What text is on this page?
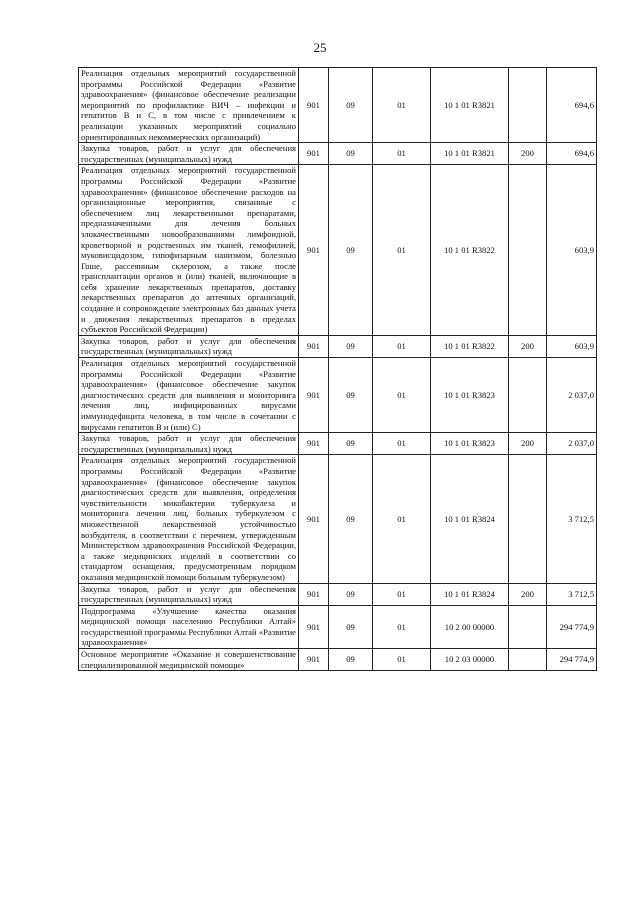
25
Реализация отдельных мероприятий государственной программы Российской Федерации «Развитие здравоохранения» (финансовое обеспечение реализации мероприятий по профилактике ВИЧ – инфекции и гепатитов В и С, в том числе с привлечением к реализации указанных мероприятий социально ориентированных некоммерческих организаций)	901	09	01	10 1 01 R3821		694,6
Закупка товаров, работ и услуг для обеспечения государственных (муниципальных) нужд	901	09	01	10 1 01 R3821	200	694,6
Реализация отдельных мероприятий государственной программы Российской Федерации «Развитие здравоохранения» (финансовое обеспечение расходов на организационные мероприятия, связанные с обеспечением лиц лекарственными препаратами, предназначенными для лечения больных злокачественными новообразованиями лимфоидной, кроветворной и родственных им тканей, гемофилией, муковисцидозом, гипофизарным нанизмом, болезнью Гоше, рассеянным склерозом, а также после трансплантации органов и (или) тканей, включающие в себя хранение лекарственных препаратов, доставку лекарственных препаратов до аптечных организаций, создание и сопровождение электронных баз данных учета и движения лекарственных препаратов в пределах субъектов Российской Федерации)	901	09	01	10 1 01 R3822		603,9
Закупка товаров, работ и услуг для обеспечения государственных (муниципальных) нужд	901	09	01	10 1 01 R3822	200	603,9
Реализация отдельных мероприятий государственной программы Российской Федерации «Развитие здравоохранения» (финансовое обеспечение закупок диагностических средств для выявления и мониторинга лечения лиц, инфицированных вирусами иммунодефицита человека, в том числе в сочетании с вирусами гепатитов В и (или) С)	901	09	01	10 1 01 R3823		2 037,0
Закупка товаров, работ и услуг для обеспечения государственных (муниципальных) нужд	901	09	01	10 1 01 R3823	200	2 037,0
Реализация отдельных мероприятий государственной программы Российской Федерации «Развитие здравоохранения» (финансовое обеспечение закупок диагностических средств для выявления, определения чувствительности микобактерии туберкулеза и мониторинга лечения лиц, больных туберкулезом с множественной лекарственной устойчивостью возбудителя, в соответствии с перечнем, утвержденным Министерством здравоохранения Российской Федерации, а также медицинских изделий в соответствии со стандартом оснащения, предусмотренным порядком оказания медицинской помощи больным туберкулезом)	901	09	01	10 1 01 R3824		3 712,5
Закупка товаров, работ и услуг для обеспечения государственных (муниципальных) нужд	901	09	01	10 1 01 R3824	200	3 712,5
Подпрограмма «Улучшение качества оказания медицинской помощи населению Республики Алтай» государственной программы Республики Алтай «Развитие здравоохранения»	901	09	01	10 2 00 00000		294 774,9
Основное мероприятие «Оказание и совершенствование специализированной медицинской помощи»	901	09	01	10 2 03 00000		294 774,9
